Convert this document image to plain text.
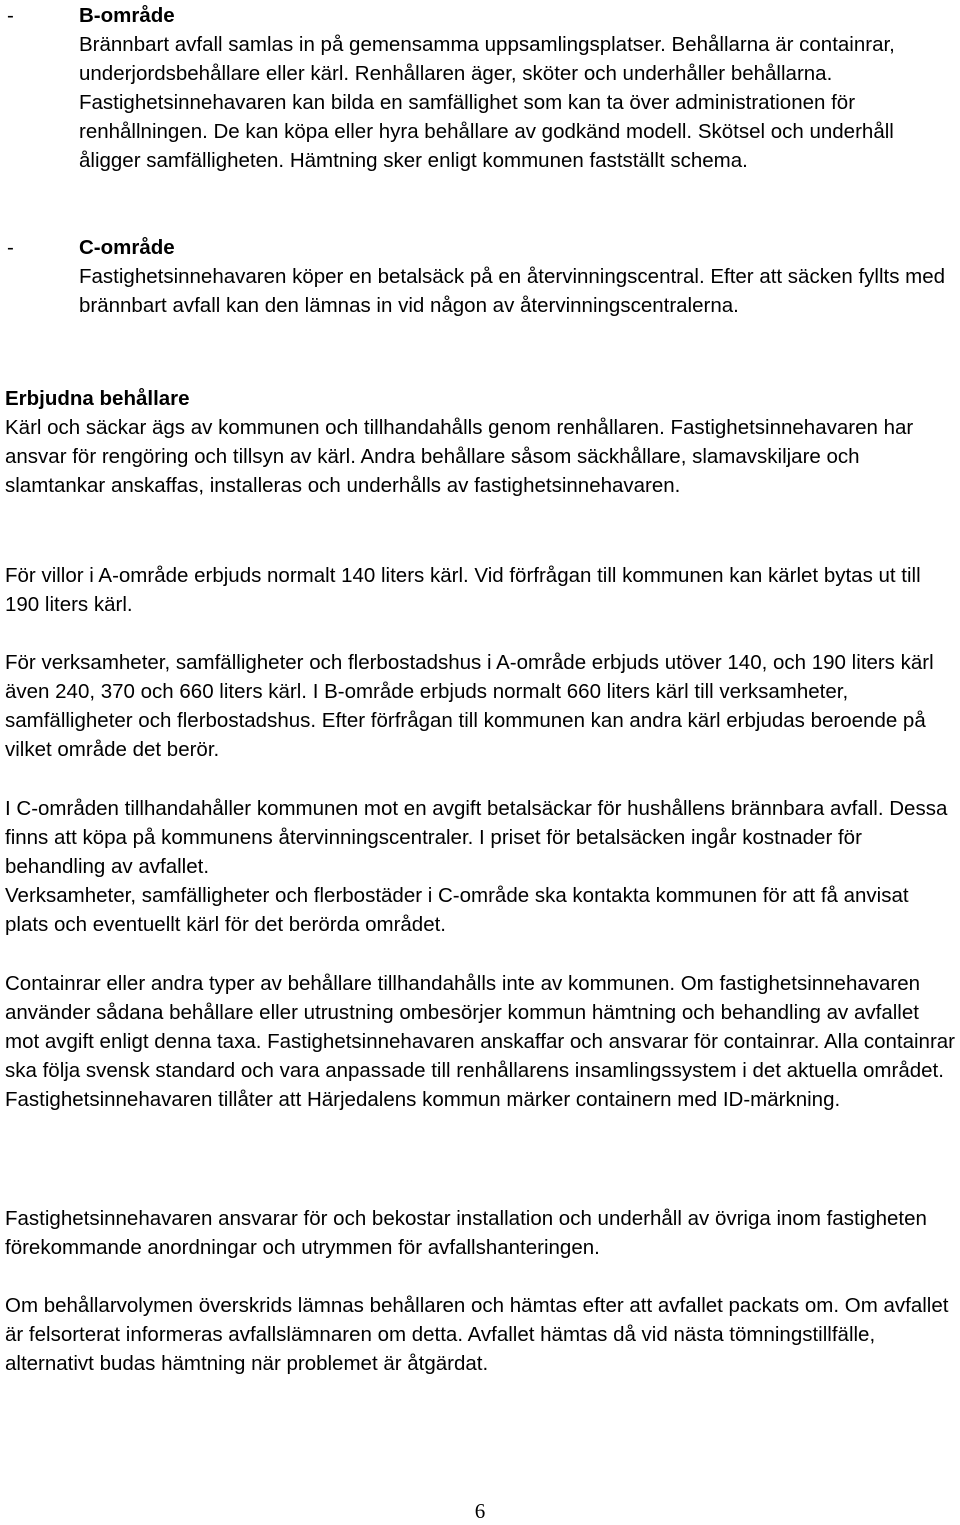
-	B-område

Brännbart avfall samlas in på gemensamma uppsamlingsplatser. Behållarna är containrar, underjordsbehållare eller kärl. Renhållaren äger, sköter och underhåller behållarna. Fastighetsinnehavaren kan bilda en samfällighet som kan ta över administrationen för renhållningen. De kan köpa eller hyra behållare av godkänd modell. Skötsel och underhåll åligger samfälligheten. Hämtning sker enligt kommunen fastställt schema.

-	C-område

Fastighetsinnehavaren köper en betalsäck på en återvinningscentral. Efter att säcken fyllts med brännbart avfall kan den lämnas in vid någon av återvinningscentralerna.

Erbjudna behållare

Kärl och säckar ägs av kommunen och tillhandahålls genom renhållaren. Fastighetsinnehavaren har ansvar för rengöring och tillsyn av kärl. Andra behållare såsom säckhållare, slamavskiljare och slamtankar anskaffas, installeras och underhålls av fastighetsinnehavaren.

För villor i A-område erbjuds normalt 140 liters kärl. Vid förfrågan till kommunen kan kärlet bytas ut till 190 liters kärl.

För verksamheter, samfälligheter och flerbostadshus i A-område erbjuds utöver 140, och 190 liters kärl även 240, 370 och 660 liters kärl. I B-område erbjuds normalt 660 liters kärl till verksamheter, samfälligheter och flerbostadshus. Efter förfrågan till kommunen kan andra kärl erbjudas beroende på vilket område det berör.

I C-områden tillhandahåller kommunen mot en avgift betalsäckar för hushållens brännbara avfall. Dessa finns att köpa på kommunens återvinningscentraler. I priset för betalsäcken ingår kostnader för behandling av avfallet.

Verksamheter, samfälligheter och flerbostäder i C-område ska kontakta kommunen för att få anvisat plats och eventuellt kärl för det berörda området.

Containrar eller andra typer av behållare tillhandahålls inte av kommunen. Om fastighetsinnehavaren använder sådana behållare eller utrustning ombesörjer kommun hämtning och behandling av avfallet mot avgift enligt denna taxa. Fastighetsinnehavaren anskaffar och ansvarar för containrar. Alla containrar ska följa svensk standard och vara anpassade till renhållarens insamlingssystem i det aktuella området. Fastighetsinnehavaren tillåter att Härjedalens kommun märker containern med ID-märkning.

Fastighetsinnehavaren ansvarar för och bekostar installation och underhåll av övriga inom fastigheten förekommande anordningar och utrymmen för avfallshanteringen.

Om behållarvolymen överskrids lämnas behållaren och hämtas efter att avfallet packats om. Om avfallet är felsorterat informeras avfallslämnaren om detta. Avfallet hämtas då vid nästa tömningstillfälle, alternativt budas hämtning när problemet är åtgärdat.

6
